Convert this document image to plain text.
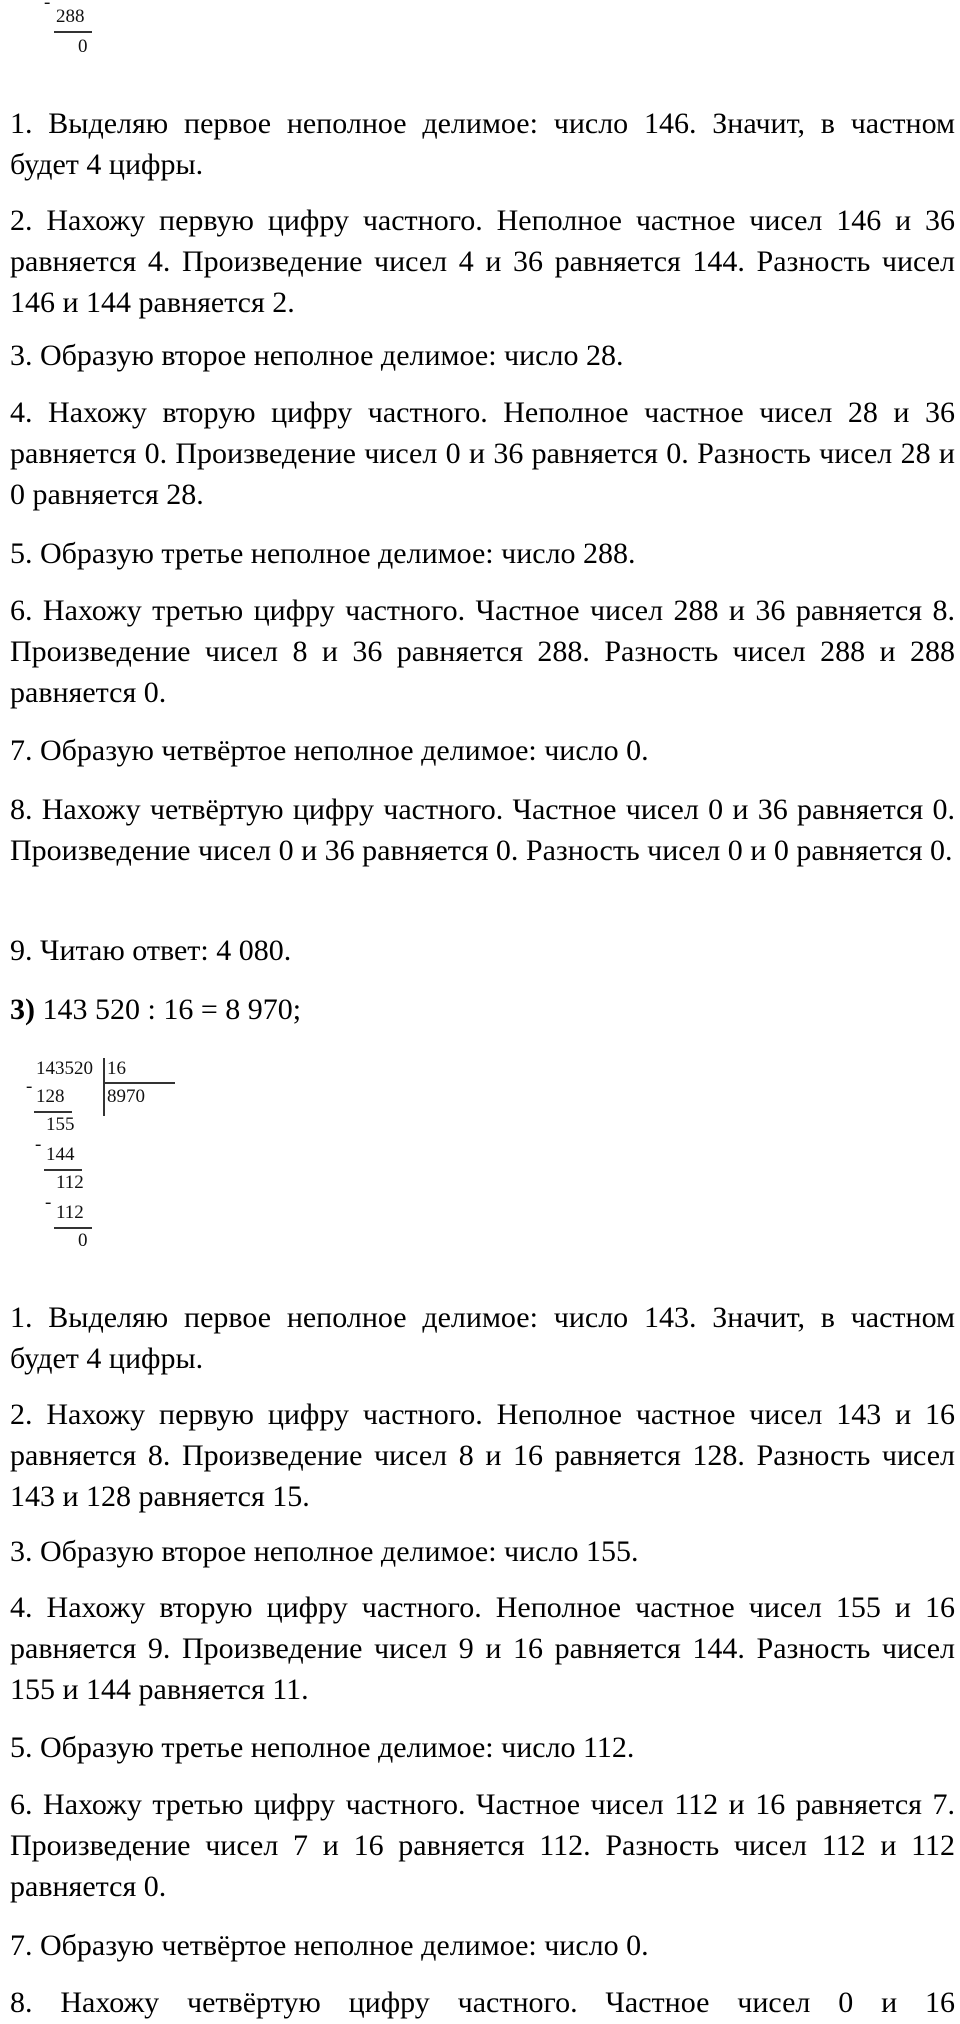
-
288
0

1. Выделяю первое неполное делимое: число 146. Значит, в частном будет 4 цифры.

2. Нахожу первую цифру частного. Неполное частное чисел 146 и 36 равняется 4. Произведение чисел 4 и 36 равняется 144. Разность чисел 146 и 144 равняется 2.

3. Образую второе неполное делимое: число 28.

4. Нахожу вторую цифру частного. Неполное частное чисел 28 и 36 равняется 0. Произведение чисел 0 и 36 равняется 0. Разность чисел 28 и 0 равняется 28.

5. Образую третье неполное делимое: число 288.

6. Нахожу третью цифру частного. Частное чисел 288 и 36 равняется 8. Произведение чисел 8 и 36 равняется 288. Разность чисел 288 и 288 равняется 0.

7. Образую четвёртое неполное делимое: число 0.

8. Нахожу четвёртую цифру частного. Частное чисел 0 и 36 равняется 0. Произведение чисел 0 и 36 равняется 0. Разность чисел 0 и 0 равняется 0.

9. Читаю ответ: 4 080.

3) 143 520 : 16 = 8 970;

143520 16
8970
- 128
155
- 144
112
- 112
0

1. Выделяю первое неполное делимое: число 143. Значит, в частном будет 4 цифры.

2. Нахожу первую цифру частного. Неполное частное чисел 143 и 16 равняется 8. Произведение чисел 8 и 16 равняется 128. Разность чисел 143 и 128 равняется 15.

3. Образую второе неполное делимое: число 155.

4. Нахожу вторую цифру частного. Неполное частное чисел 155 и 16 равняется 9. Произведение чисел 9 и 16 равняется 144. Разность чисел 155 и 144 равняется 11.

5. Образую третье неполное делимое: число 112.

6. Нахожу третью цифру частного. Частное чисел 112 и 16 равняется 7. Произведение чисел 7 и 16 равняется 112. Разность чисел 112 и 112 равняется 0.

7. Образую четвёртое неполное делимое: число 0.

8. Нахожу четвёртую цифру частного. Частное чисел 0 и 16
